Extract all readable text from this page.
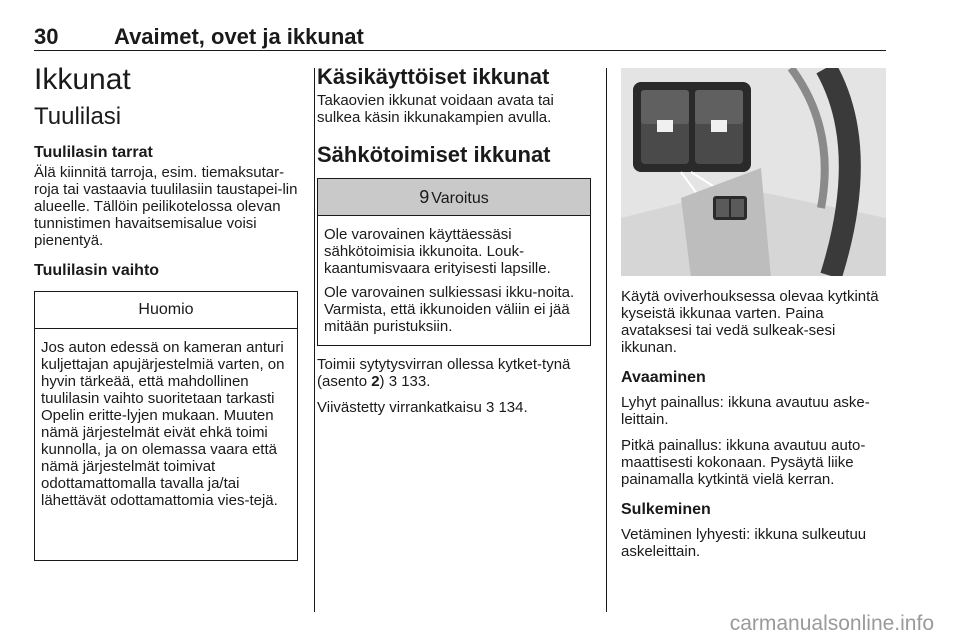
30	Avaimet, ovet ja ikkunat
Ikkunat
Tuulilasi
Tuulilasin tarrat

Älä kiinnitä tarroja, esim. tiemaksutar-roja tai vastaavia tuulilasiin taustapei-lin alueelle. Tällöin peilikotelossa olevan tunnistimen havaitsemisalue voisi pienentyä.

Tuulilasin vaihto
Huomio

Jos auton edessä on kameran anturi kuljettajan apujärjestelmiä varten, on hyvin tärkeää, että mahdollinen tuulilasin vaihto suoritetaan tarkasti Opelin eritte-lyjen mukaan. Muuten nämä järjestelmät eivät ehkä toimi kunnolla, ja on olemassa vaara että nämä järjestelmät toimivat odottamattomalla tavalla ja/tai lähettävät odottamattomia vies-tejä.

Käsikäyttöiset ikkunat

Takaovien ikkunat voidaan avata tai sulkea käsin ikkunakampien avulla.

Sähkötoimiset ikkunat
9 Varoitus

Ole varovainen käyttäessäsi sähkötoimisia ikkunoita. Louk-kaantumisvaara erityisesti lapsille.

Ole varovainen sulkiessasi ikku-noita. Varmista, että ikkunoiden väliin ei jää mitään puristuksiin.

Toimii sytytysvirran ollessa kytket-tynä (asento 2) 3 133.

Viivästetty virrankatkaisu 3 134.

Käytä oviverhouksessa olevaa kytkintä kyseistä ikkunaa varten. Paina avataksesi tai vedä sulkeak-sesi ikkunan.

Avaaminen

Lyhyt painallus: ikkuna avautuu aske-leittain.

Pitkä painallus: ikkuna avautuu auto-maattisesti kokonaan. Pysäytä liike painamalla kytkintä vielä kerran.

Sulkeminen

Vetäminen lyhyesti: ikkuna sulkeutuu askeleittain.

carmanualsonline.info
